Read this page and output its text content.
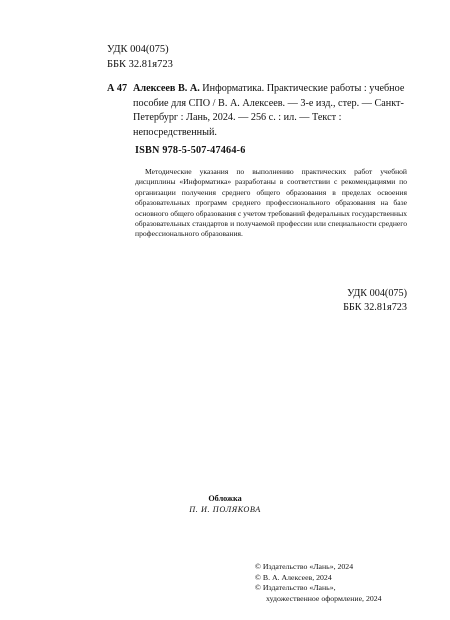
УДК 004(075)
ББК 32.81я723
А 47 Алексеев В. А. Информатика. Практические работы : учебное пособие для СПО / В. А. Алексеев. — 3-е изд., стер. — Санкт-Петербург : Лань, 2024. — 256 с. : ил. — Текст : непосредственный.
ISBN 978-5-507-47464-6

Методические указания по выполнению практических работ учебной дисциплины «Информатика» разработаны в соответствии с рекомендациями по организации получения среднего общего образования в пределах освоения образовательных программ среднего профессионального образования на базе основного общего образования с учетом требований федеральных государственных образовательных стандартов и получаемой профессии или специальности среднего профессионального образования.

УДК 004(075)
ББК 32.81я723
Обложка
П. И. ПОЛЯКОВА
© Издательство «Лань», 2024
© В. А. Алексеев, 2024
© Издательство «Лань»,
художественное оформление, 2024
